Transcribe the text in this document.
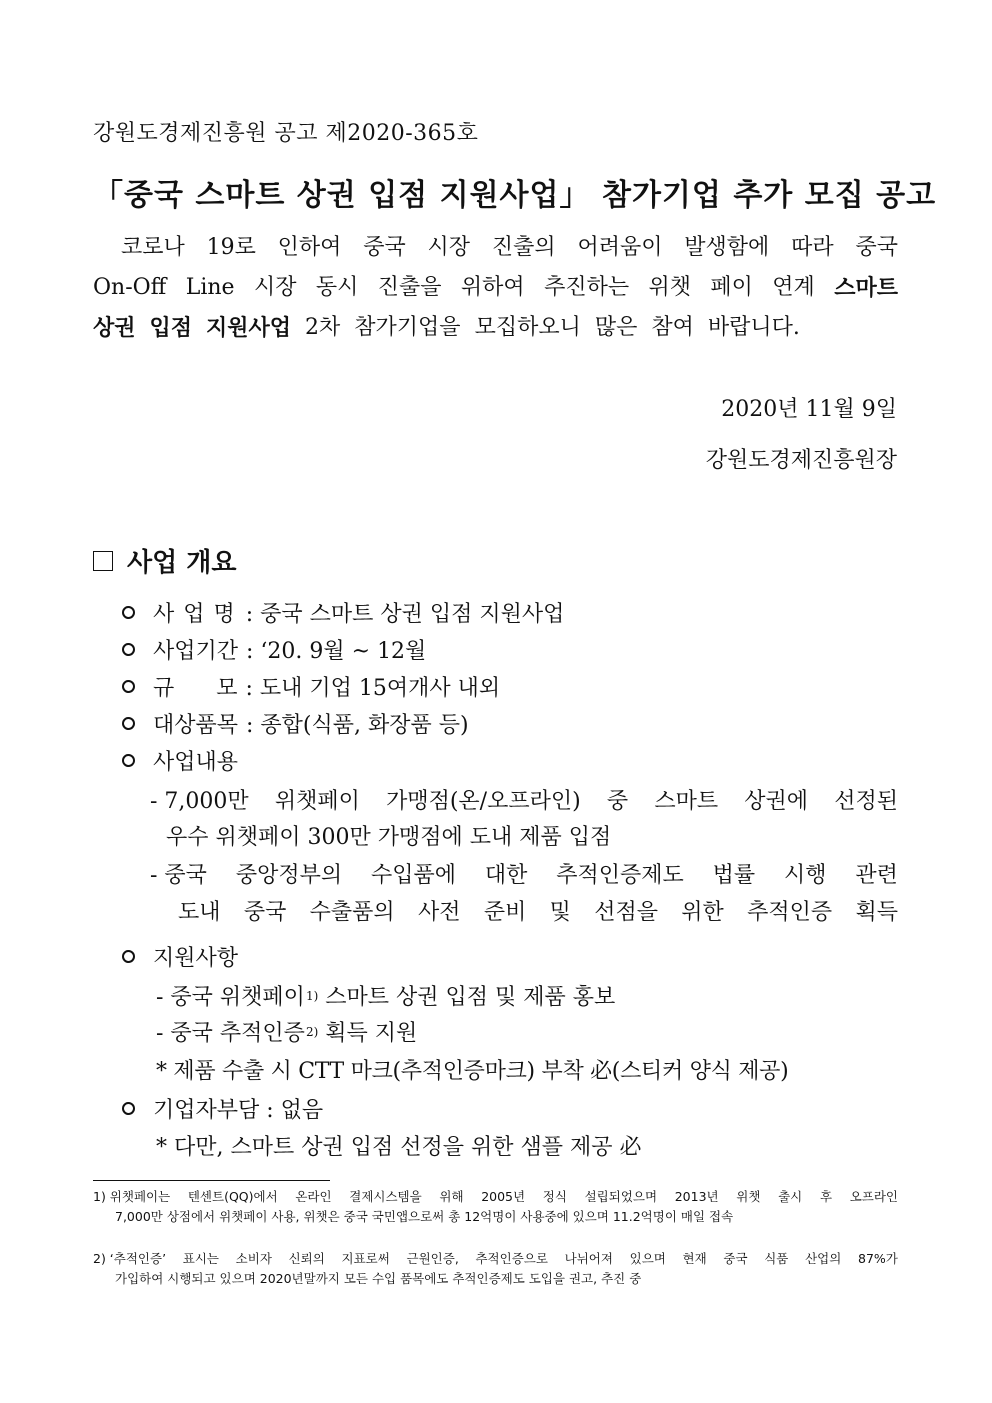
강원도경제진흥원 공고 제2020-365호
「중국 스마트 상권 입점 지원사업」 참가기업 추가 모집 공고
코로나 19로 인하여 중국 시장 진출의 어려움이 발생함에 따라 중국
On-Off Line 시장 동시 진출을 위하여 추진하는 위챗 페이 연계 스마트
상권 입점 지원사업 2차 참가기업을 모집하오니 많은 참여 바랍니다.
2020년 11월 9일
강원도경제진흥원장
사업 개요
사 업 명 : 중국 스마트 상권 입점 지원사업
사업기간 : ‘20. 9월 ~ 12월
규      모 : 도내 기업 15여개사 내외
대상품목 : 종합(식품, 화장품 등)
사업내용
- 7,000만 위챗페이 가맹점(온/오프라인) 중 스마트 상권에 선정된
우수 위챗페이 300만 가맹점에 도내 제품 입점
- 중국 중앙정부의 수입품에 대한 추적인증제도 법률 시행 관련
도내 중국 수출품의 사전 준비 및 선점을 위한 추적인증 획득
지원사항
- 중국 위챗페이 1) 스마트 상권 입점 및 제품 홍보
- 중국 추적인증 2) 획득 지원
* 제품 수출 시 CTT 마크(추적인증마크) 부착 必(스티커 양식 제공)
기업자부담 : 없음
* 다만, 스마트 상권 입점 선정을 위한 샘플 제공 必
1) 위챗페이는 텐센트(QQ)에서 온라인 결제시스템을 위해 2005년 정식 설립되었으며 2013년 위챗 출시 후 오프라인
7,000만 상점에서 위챗페이 사용, 위챗은 중국 국민앱으로써 총 12억명이 사용중에 있으며 11.2억명이 매일 접속
2) ‘추적인증’ 표시는 소비자 신뢰의 지표로써 근원인증, 추적인증으로 나뉘어져 있으며 현재 중국 식품 산업의 87%가
가입하여 시행되고 있으며 2020년말까지 모든 수입 품목에도 추적인증제도 도입을 권고, 추진 중
